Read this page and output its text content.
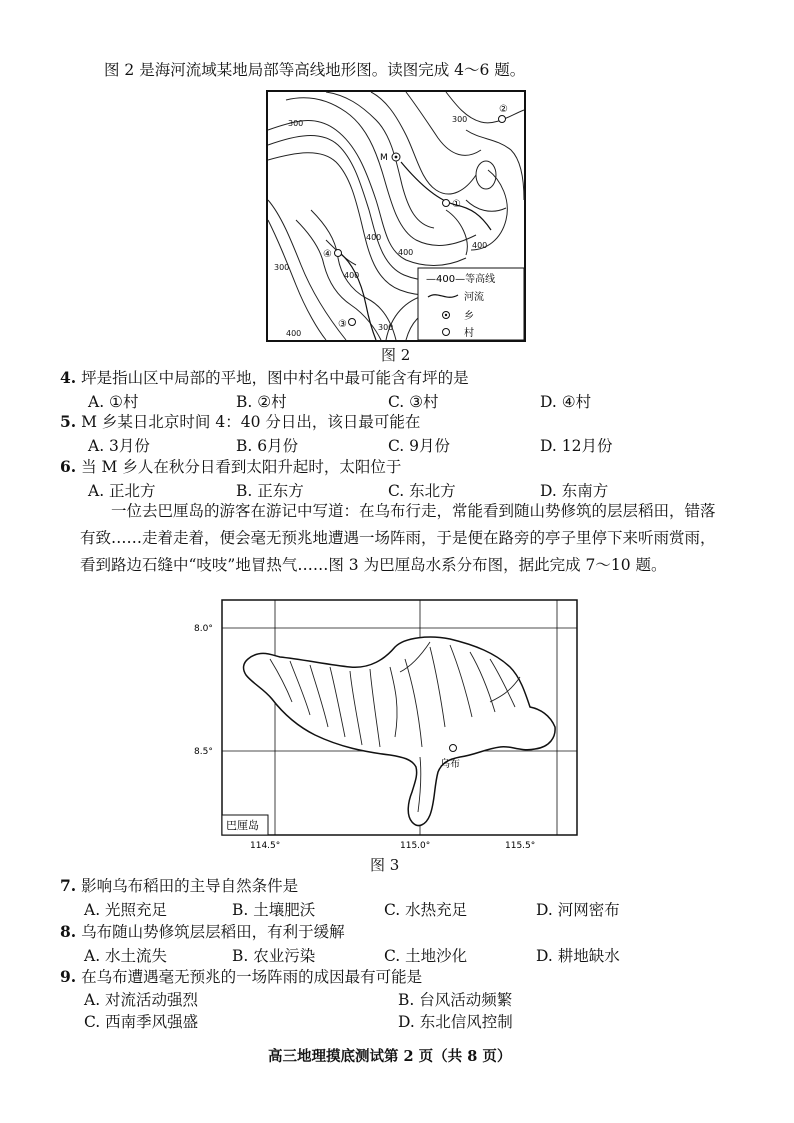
图 2 是海河流域某地局部等高线地形图。读图完成 4～6 题。
300	300
300
400
400
400
400
300
400
M
①
②
③
④
—400—等高线
河流
乡
村
图 2
4. 坪是指山区中局部的平地，图中村名中最可能含有坪的是
A. ①村	B. ②村	C. ③村	D. ④村
5. M 乡某日北京时间 4：40 分日出，该日最可能在
A. 3月份	B. 6月份	C. 9月份	D. 12月份
6. 当 M 乡人在秋分日看到太阳升起时，太阳位于
A. 正北方	B. 正东方	C. 东北方	D. 东南方
一位去巴厘岛的游客在游记中写道：在乌布行走，常能看到随山势修筑的层层稻田，错落有致……走着走着，便会毫无预兆地遭遇一场阵雨，于是便在路旁的亭子里停下来听雨赏雨，看到路边石缝中“吱吱”地冒热气……图 3 为巴厘岛水系分布图，据此完成 7～10 题。
乌布
巴厘岛
8.0°
8.5°
114.5°	115.0°	115.5°
图 3
7. 影响乌布稻田的主导自然条件是
A. 光照充足	B. 土壤肥沃	C. 水热充足	D. 河网密布
8. 乌布随山势修筑层层稻田，有利于缓解
A. 水土流失	B. 农业污染	C. 土地沙化	D. 耕地缺水
9. 在乌布遭遇毫无预兆的一场阵雨的成因最有可能是
A. 对流活动强烈	B. 台风活动频繁
C. 西南季风强盛	D. 东北信风控制
高三地理摸底测试第 2 页（共 8 页）
